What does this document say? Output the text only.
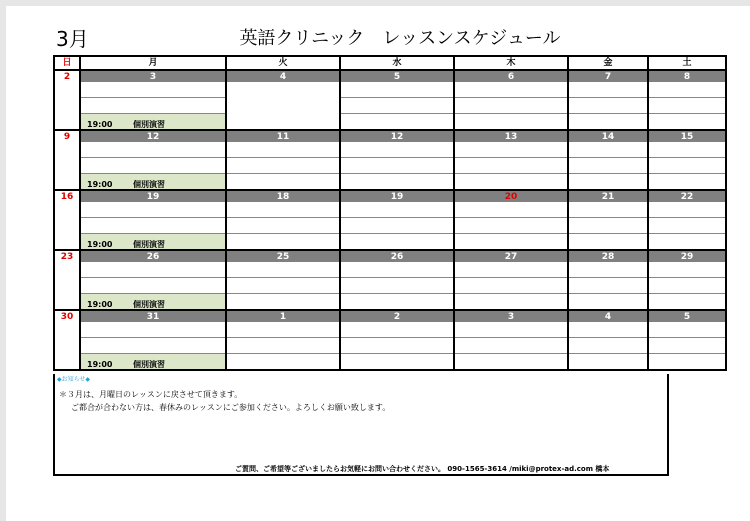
3月	英語クリニック　レッスンスケジュール
日	月	火	水	木	金	土
2	3	4	5	6	7	8

	19:00 個別演習					
9	12	11	12	13	14	15

	19:00 個別演習					
16	19	18	19	20	21	22

	19:00 個別演習					
23	26	25	26	27	28	29

	19:00 個別演習					
30	31	1	2	3	4	5

	19:00 個別演習					
◆お知らせ◆
＊３月は、月曜日のレッスンに戻させて頂きます。
ご都合が合わない方は、春休みのレッスンにご参加ください。よろしくお願い致します。
ご質問、ご希望等ございましたらお気軽にお問い合わせください。 090-1565-3614 /miki@protex-ad.com 橋本
